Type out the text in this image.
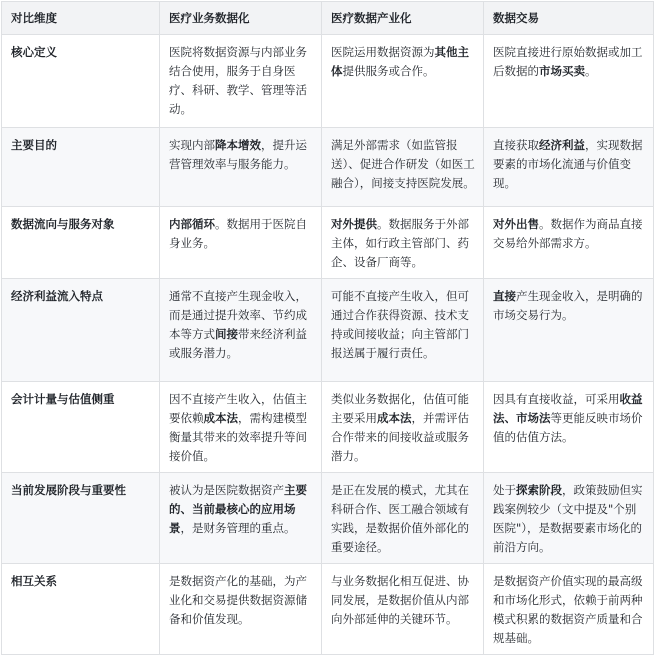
对比维度	医疗业务数据化	医疗数据产业化	数据交易
核心定义	医院将数据资源与内部业务结合使用，服务于自身医疗、科研、教学、管理等活动。	医院运用数据资源为其他主体提供服务或合作。	医院直接进行原始数据或加工后数据的市场买卖。
主要目的	实现内部降本增效，提升运营管理效率与服务能力。	满足外部需求（如监管报送）、促进合作研发（如医工融合），间接支持医院发展。	直接获取经济利益，实现数据要素的市场化流通与价值变现。
数据流向与服务对象	内部循环。数据用于医院自身业务。	对外提供。数据服务于外部主体，如行政主管部门、药企、设备厂商等。	对外出售。数据作为商品直接交易给外部需求方。
经济利益流入特点	通常不直接产生现金收入，而是通过提升效率、节约成本等方式间接带来经济利益或服务潜力。	可能不直接产生收入，但可通过合作获得资源、技术支持或间接收益；向主管部门报送属于履行责任。	直接产生现金收入，是明确的市场交易行为。
会计计量与估值侧重	因不直接产生收入，估值主要依赖成本法，需构建模型衡量其带来的效率提升等间接价值。	类似业务数据化，估值可能主要采用成本法，并需评估合作带来的间接收益或服务潜力。	因具有直接收益，可采用收益法、市场法等更能反映市场价值的估值方法。
当前发展阶段与重要性	被认为是医院数据资产主要的、当前最核心的应用场景，是财务管理的重点。	是正在发展的模式，尤其在科研合作、医工融合领域有实践，是数据价值外部化的重要途径。	处于探索阶段，政策鼓励但实践案例较少（文中提及"个别医院"），是数据要素市场化的前沿方向。
相互关系	是数据资产化的基础，为产业化和交易提供数据资源储备和价值发现。	与业务数据化相互促进、协同发展，是数据价值从内部向外部延伸的关键环节。	是数据资产价值实现的最高级和市场化形式，依赖于前两种模式积累的数据资产质量和合规基础。
